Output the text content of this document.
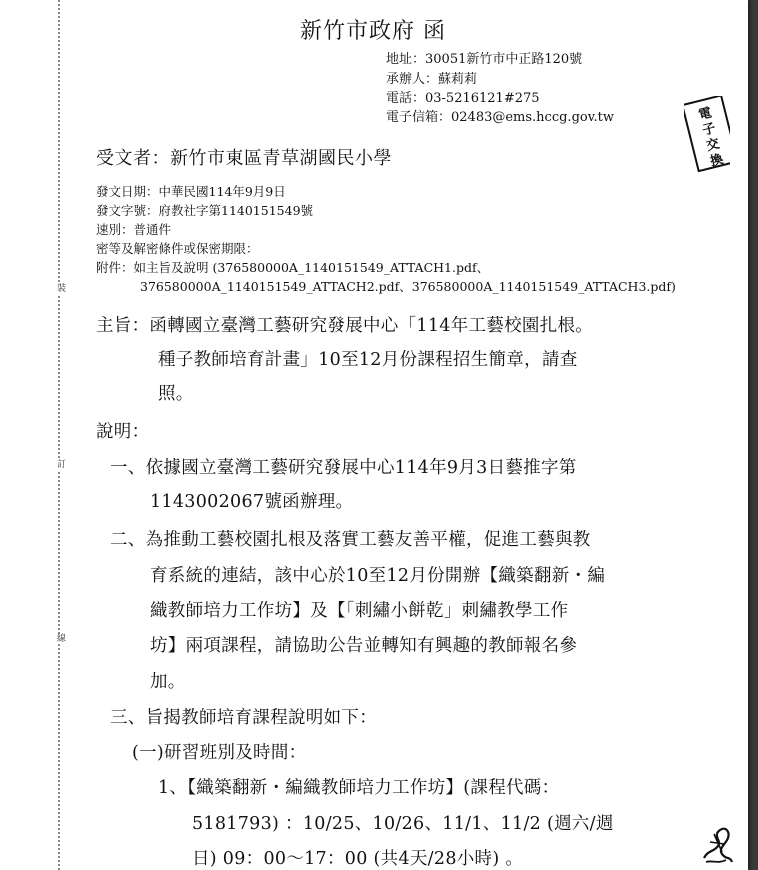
裝
訂
線
新竹市政府 函
地址：30051新竹市中正路120號
承辦人：蘇莉莉
電話：03-5216121#275
電子信箱：02483@ems.hccg.gov.tw	電
子
交
換
受文者：新竹市東區青草湖國民小學
發文日期：中華民國114年9月9日
發文字號：府教社字第1140151549號
速別：普通件
密等及解密條件或保密期限：
附件：如主旨及說明 (376580000A_1140151549_ATTACH1.pdf、
376580000A_1140151549_ATTACH2.pdf、376580000A_1140151549_ATTACH3.pdf)
主旨：函轉國立臺灣工藝研究發展中心「114年工藝校園扎根。
種子教師培育計畫」10至12月份課程招生簡章，請查
照。
說明：
一、依據國立臺灣工藝研究發展中心114年9月3日藝推字第
1143002067號函辦理。
二、為推動工藝校園扎根及落實工藝友善平權，促進工藝與教
育系統的連結，該中心於10至12月份開辦【織築翻新・編
織教師培力工作坊】及【「刺繡小餅乾」刺繡教學工作
坊】兩項課程，請協助公告並轉知有興趣的教師報名參
加。
三、旨揭教師培育課程說明如下：
(一)研習班別及時間：
1、【織築翻新・編織教師培力工作坊】(課程代碼：
5181793) ：10/25、10/26、11/1、11/2 (週六/週
日) 09：00～17：00 (共4天/28小時) 。
